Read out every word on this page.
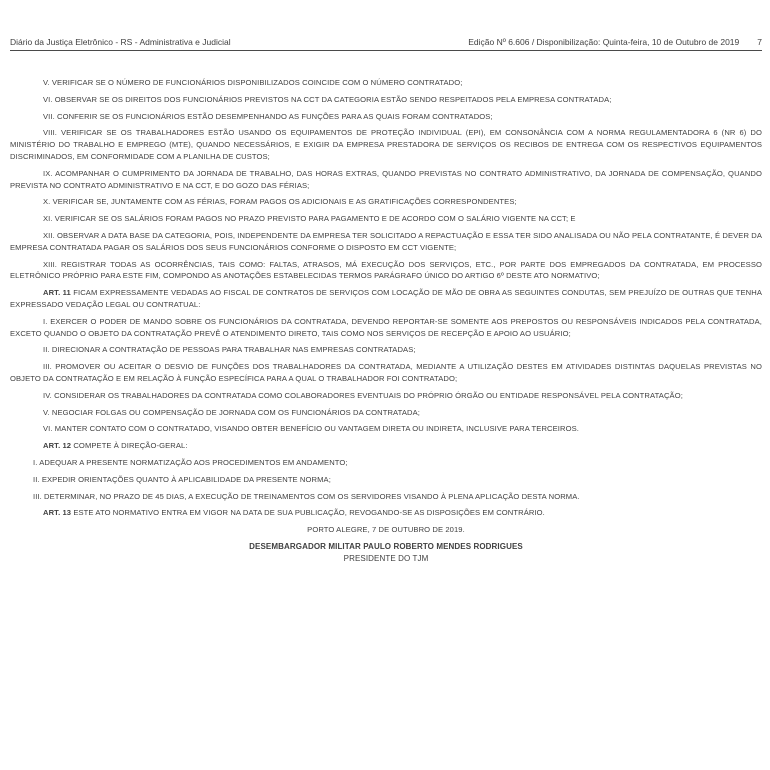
Diário da Justiça Eletrônico - RS - Administrativa e Judicial	Edição Nº 6.606 / Disponibilização: Quinta-feira, 10 de Outubro de 2019 7

V. VERIFICAR SE O NÚMERO DE FUNCIONÁRIOS DISPONIBILIZADOS COINCIDE COM O NÚMERO CONTRATADO;

VI. OBSERVAR SE OS DIREITOS DOS FUNCIONÁRIOS PREVISTOS NA CCT DA CATEGORIA ESTÃO SENDO RESPEITADOS PELA EMPRESA CONTRATADA;

VII. CONFERIR SE OS FUNCIONÁRIOS ESTÃO DESEMPENHANDO AS FUNÇÕES PARA AS QUAIS FORAM CONTRATADOS;

VIII. VERIFICAR SE OS TRABALHADORES ESTÃO USANDO OS EQUIPAMENTOS DE PROTEÇÃO INDIVIDUAL (EPI), EM CONSONÂNCIA COM A NORMA REGULAMENTADORA 6 (NR 6) DO MINISTÉRIO DO TRABALHO E EMPREGO (MTE), QUANDO NECESSÁRIOS, E EXIGIR DA EMPRESA PRESTADORA DE SERVIÇOS OS RECIBOS DE ENTREGA COM OS RESPECTIVOS EQUIPAMENTOS DISCRIMINADOS, EM CONFORMIDADE COM A PLANILHA DE CUSTOS;

IX. ACOMPANHAR O CUMPRIMENTO DA JORNADA DE TRABALHO, DAS HORAS EXTRAS, QUANDO PREVISTAS NO CONTRATO ADMINISTRATIVO, DA JORNADA DE COMPENSAÇÃO, QUANDO PREVISTA NO CONTRATO ADMINISTRATIVO E NA CCT, E DO GOZO DAS FÉRIAS;

X. VERIFICAR SE, JUNTAMENTE COM AS FÉRIAS, FORAM PAGOS OS ADICIONAIS E AS GRATIFICAÇÕES CORRESPONDENTES;

XI. VERIFICAR SE OS SALÁRIOS FORAM PAGOS NO PRAZO PREVISTO PARA PAGAMENTO E DE ACORDO COM O SALÁRIO VIGENTE NA CCT; E

XII. OBSERVAR A DATA BASE DA CATEGORIA, POIS, INDEPENDENTE DA EMPRESA TER SOLICITADO A REPACTUAÇÃO E ESSA TER SIDO ANALISADA OU NÃO PELA CONTRATANTE, É DEVER DA EMPRESA CONTRATADA PAGAR OS SALÁRIOS DOS SEUS FUNCIONÁRIOS CONFORME O DISPOSTO EM CCT VIGENTE;

XIII. REGISTRAR TODAS AS OCORRÊNCIAS, TAIS COMO: FALTAS, ATRASOS, MÁ EXECUÇÃO DOS SERVIÇOS, ETC., POR PARTE DOS EMPREGADOS DA CONTRATADA, EM PROCESSO ELETRÔNICO PRÓPRIO PARA ESTE FIM, COMPONDO AS ANOTAÇÕES ESTABELECIDAS TERMOS PARÁGRAFO ÚNICO DO ARTIGO 6º DESTE ATO NORMATIVO;

ART. 11 FICAM EXPRESSAMENTE VEDADAS AO FISCAL DE CONTRATOS DE SERVIÇOS COM LOCAÇÃO DE MÃO DE OBRA AS SEGUINTES CONDUTAS, SEM PREJUÍZO DE OUTRAS QUE TENHA EXPRESSADO VEDAÇÃO LEGAL OU CONTRATUAL:

I. EXERCER O PODER DE MANDO SOBRE OS FUNCIONÁRIOS DA CONTRATADA, DEVENDO REPORTAR-SE SOMENTE AOS PREPOSTOS OU RESPONSÁVEIS INDICADOS PELA CONTRATADA, EXCETO QUANDO O OBJETO DA CONTRATAÇÃO PREVÊ O ATENDIMENTO DIRETO, TAIS COMO NOS SERVIÇOS DE RECEPÇÃO E APOIO AO USUÁRIO;

II. DIRECIONAR A CONTRATAÇÃO DE PESSOAS PARA TRABALHAR NAS EMPRESAS CONTRATADAS;

III. PROMOVER OU ACEITAR O DESVIO DE FUNÇÕES DOS TRABALHADORES DA CONTRATADA, MEDIANTE A UTILIZAÇÃO DESTES EM ATIVIDADES DISTINTAS DAQUELAS PREVISTAS NO OBJETO DA CONTRATAÇÃO E EM RELAÇÃO À FUNÇÃO ESPECÍFICA PARA A QUAL O TRABALHADOR FOI CONTRATADO;

IV. CONSIDERAR OS TRABALHADORES DA CONTRATADA COMO COLABORADORES EVENTUAIS DO PRÓPRIO ÓRGÃO OU ENTIDADE RESPONSÁVEL PELA CONTRATAÇÃO;

V. NEGOCIAR FOLGAS OU COMPENSAÇÃO DE JORNADA COM OS FUNCIONÁRIOS DA CONTRATADA;

VI. MANTER CONTATO COM O CONTRATADO, VISANDO OBTER BENEFÍCIO OU VANTAGEM DIRETA OU INDIRETA, INCLUSIVE PARA TERCEIROS.

ART. 12 COMPETE À DIREÇÃO-GERAL:

I. ADEQUAR A PRESENTE NORMATIZAÇÃO AOS PROCEDIMENTOS EM ANDAMENTO;

II. EXPEDIR ORIENTAÇÕES QUANTO À APLICABILIDADE DA PRESENTE NORMA;

III. DETERMINAR, NO PRAZO DE 45 DIAS, A EXECUÇÃO DE TREINAMENTOS COM OS SERVIDORES VISANDO À PLENA APLICAÇÃO DESTA NORMA.

ART. 13 ESTE ATO NORMATIVO ENTRA EM VIGOR NA DATA DE SUA PUBLICAÇÃO, REVOGANDO-SE AS DISPOSIÇÕES EM CONTRÁRIO.

PORTO ALEGRE, 7 DE OUTUBRO DE 2019.

DESEMBARGADOR MILITAR PAULO ROBERTO MENDES RODRIGUES

PRESIDENTE DO TJM
